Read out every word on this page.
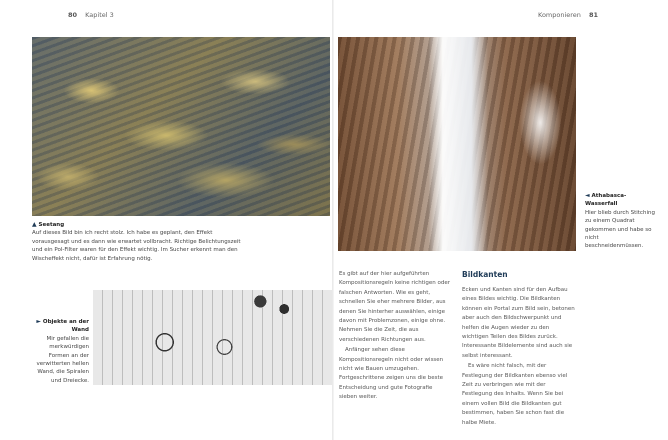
80 Kapitel 3	Komponieren 81
▲ Seetang
Auf dieses Bild bin ich recht stolz. Ich habe es geplant, den Effekt vorausgesagt und es dann wie erwartet vollbracht. Richtige Belichtungszeit und ein Pol-Filter waren für den Effekt wichtig. Im Sucher erkennt man den Wischeffekt nicht, dafür ist Erfahrung nötig.
◄ Athabasca-Wasserfall
Hier blieb durch Stitching zu einem Quadrat gekommen und habe so nicht beschneidenmüssen.
► Objekte an der Wand
Mir gefallen die merkwürdigen Formen an der verwitterten hellen Wand, die Spiralen und Dreiecke.

Es gibt auf der hier aufgeführten Kompositionsregeln keine richtigen oder falschen Antworten. Wie es geht, schnellen Sie eher mehrere Bilder, aus denen Sie hinterher auswählen, einige davon mit Problemzonen, einige ohne. Nehmen Sie die Zeit, die aus verschiedenen Richtungen aus.

Anfänger sehen diese Kompositionsregeln nicht oder wissen nicht wie Bauen umzugehen. Fortgeschrittene zeigen uns die beste Entscheidung und gute Fotografie sieben weiter.

Bildkanten

Ecken und Kanten sind für den Aufbau eines Bildes wichtig. Die Bildkanten können ein Portal zum Bild sein, betonen aber auch den Bildschwerpunkt und helfen die Augen wieder zu den wichtigen Teilen des Bildes zurück. Interessante Bildelemente sind auch sie selbst interessant.

Es wäre nicht falsch, mit der Festlegung der Bildkanten ebenso viel Zeit zu verbringen wie mit der Festlegung des Inhalts. Wenn Sie bei einem vollen Bild die Bildkanten gut bestimmen, haben Sie schon fast die halbe Miete.
